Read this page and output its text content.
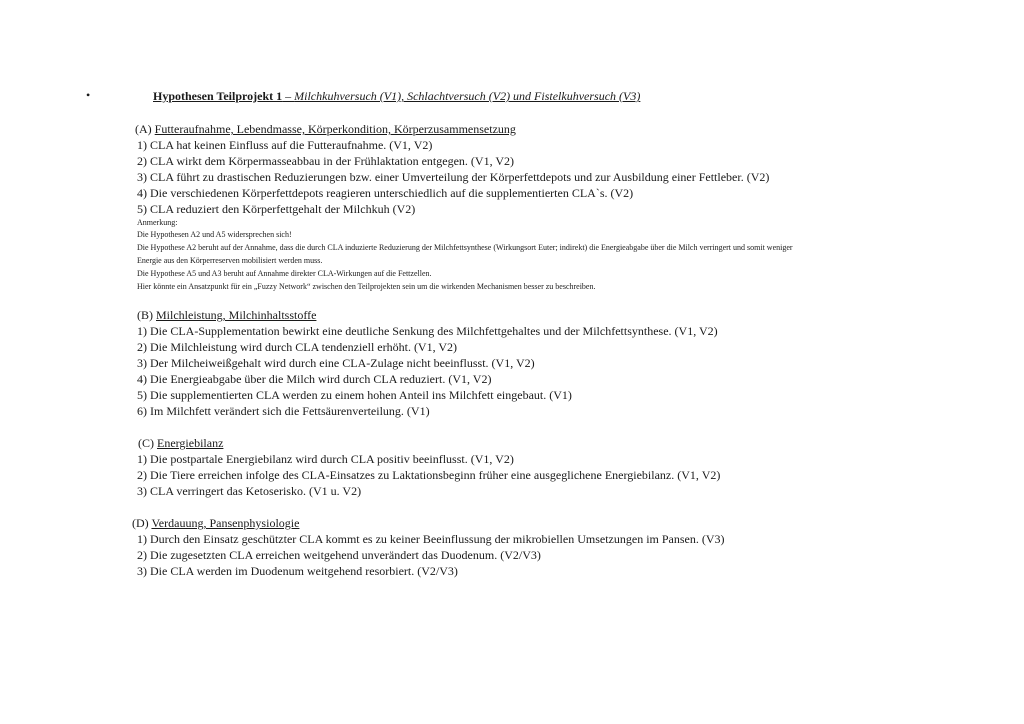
•	Hypothesen Teilprojekt 1 – Milchkuhversuch (V1), Schlachtversuch (V2) und Fistelkuhversuch (V3)
(A) Futteraufnahme, Lebendmasse, Körperkondition, Körperzusammensetzung
1) CLA hat keinen Einfluss auf die Futteraufnahme. (V1, V2)
2) CLA wirkt dem Körpermasseabbau in der Frühlaktation entgegen. (V1, V2)
3) CLA führt zu drastischen Reduzierungen bzw. einer Umverteilung der Körperfettdepots und zur Ausbildung einer Fettleber. (V2)
4) Die verschiedenen Körperfettdepots reagieren unterschiedlich auf die supplementierten CLA`s. (V2)
5) CLA reduziert den Körperfettgehalt der Milchkuh (V2)
Anmerkung:
Die Hypothesen A2 und A5 widersprechen sich!
Die Hypothese A2 beruht auf der Annahme, dass die durch CLA induzierte Reduzierung der Milchfettsynthese (Wirkungsort Euter; indirekt) die Energieabgabe über die Milch verringert und somit weniger
Energie aus den Körperreserven mobilisiert werden muss.
Die Hypothese A5 und A3 beruht auf Annahme direkter CLA-Wirkungen auf die Fettzellen.
Hier könnte ein Ansatzpunkt für ein „Fuzzy Network“ zwischen den Teilprojekten sein um die wirkenden Mechanismen besser zu beschreiben.
(B) Milchleistung, Milchinhaltsstoffe
1) Die CLA-Supplementation bewirkt eine deutliche Senkung des Milchfettgehaltes und der Milchfettsynthese. (V1, V2)
2) Die Milchleistung wird durch CLA tendenziell erhöht. (V1, V2)
3) Der Milcheiweißgehalt wird durch eine CLA-Zulage nicht beeinflusst. (V1, V2)
4) Die Energieabgabe über die Milch wird durch CLA reduziert. (V1, V2)
5) Die supplementierten CLA werden zu einem hohen Anteil ins Milchfett eingebaut. (V1)
6) Im Milchfett verändert sich die Fettsäurenverteilung. (V1)
(C) Energiebilanz
1) Die postpartale Energiebilanz wird durch CLA positiv beeinflusst. (V1, V2)
2) Die Tiere erreichen infolge des CLA-Einsatzes zu Laktationsbeginn früher eine ausgeglichene Energiebilanz. (V1, V2)
3) CLA verringert das Ketoserisko. (V1 u. V2)
(D) Verdauung, Pansenphysiologie
1) Durch den Einsatz geschützter CLA kommt es zu keiner Beeinflussung der mikrobiellen Umsetzungen im Pansen. (V3)
2) Die zugesetzten CLA erreichen weitgehend unverändert das Duodenum. (V2/V3)
3) Die CLA werden im Duodenum weitgehend resorbiert. (V2/V3)
